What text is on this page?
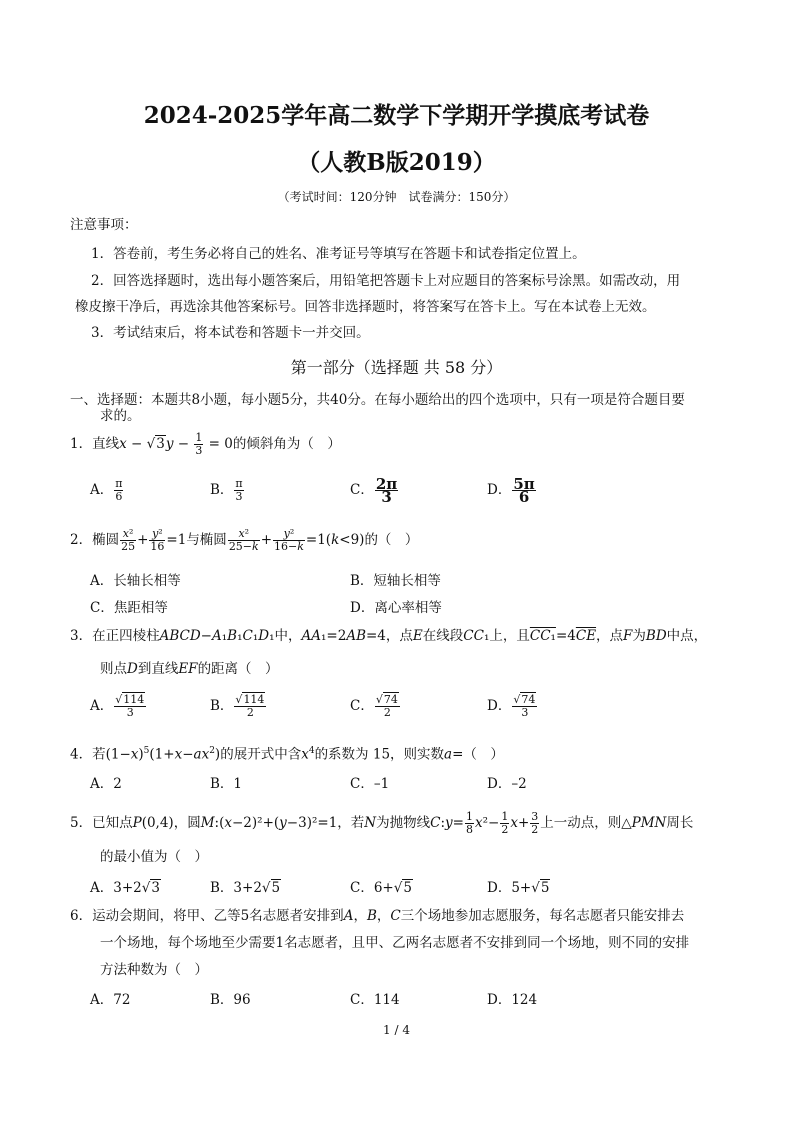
2024-2025学年高二数学下学期开学摸底考试卷
（人教B版2019）
（考试时间：120分钟　试卷满分：150分）
注意事项：
1．答卷前，考生务必将自己的姓名、准考证号等填写在答题卡和试卷指定位置上。
2．回答选择题时，选出每小题答案后，用铅笔把答题卡上对应题目的答案标号涂黑。如需改动，用
橡皮擦干净后，再选涂其他答案标号。回答非选择题时，将答案写在答卡上。写在本试卷上无效。
3．考试结束后，将本试卷和答题卡一并交回。
第一部分（选择题 共 58 分）
一、选择题：本题共8小题，每小题5分，共40分。在每小题给出的四个选项中，只有一项是符合题目要
求的。
1．直线$x - √3y - \frac{1}{3} = 0$的倾斜角为（　）
A． $\frac{\pi}{6}$	B． $\frac{\pi}{3}$	C． $\frac{2\pi}{3}$	D． $\frac{5\pi}{6}$
2．椭圆 $\frac{\text{x²}}{25} + \frac{\text{y²}}{16} =1$与椭圆 $\frac{\text{x²}}{25-k} + \frac{\text{y²}}{16-k} =1(k<9)$的（　）
A．长轴长相等	B．短轴长相等
C．焦距相等	D．离心率相等
3．在正四棱柱ABCD−A₁B₁C₁D₁中，AA₁=2AB=4，点E在线段CC₁上，且$CC_1=4\overline{CE}$，点F为BD中点，
则点D到直线EF的距离（　）
A． $\frac{√114}{3}$	B． $\frac{√114}{2}$	C． $\frac{√74}{2}$	D． $\frac{√74}{3}$
4．若$(1-x)^5(1+x-ax^2)$的展开式中含$x^4$的系数为 15，则实数a=（　）
A．2	B．1	C．–1	D．–2
5．已知点P(0,4)，圆M:(x−2)²+(y−3)²=1，若N为抛物线C:y= $\frac{1}{8} x^2- \frac{1}{2} x+ \frac{3}{2}$ 上一动点，则△PMN周长
的最小值为（　）
A．3+2√3	B．3+2√5	C．6+√5	D．5+√5
6．运动会期间，将甲、乙等5名志愿者安排到A，B，C三个场地参加志愿服务，每名志愿者只能安排去
一个场地，每个场地至少需要1名志愿者，且甲、乙两名志愿者不安排到同一个场地，则不同的安排
方法种数为（　）
A．72	B．96	C．114	D．124
1 / 4
